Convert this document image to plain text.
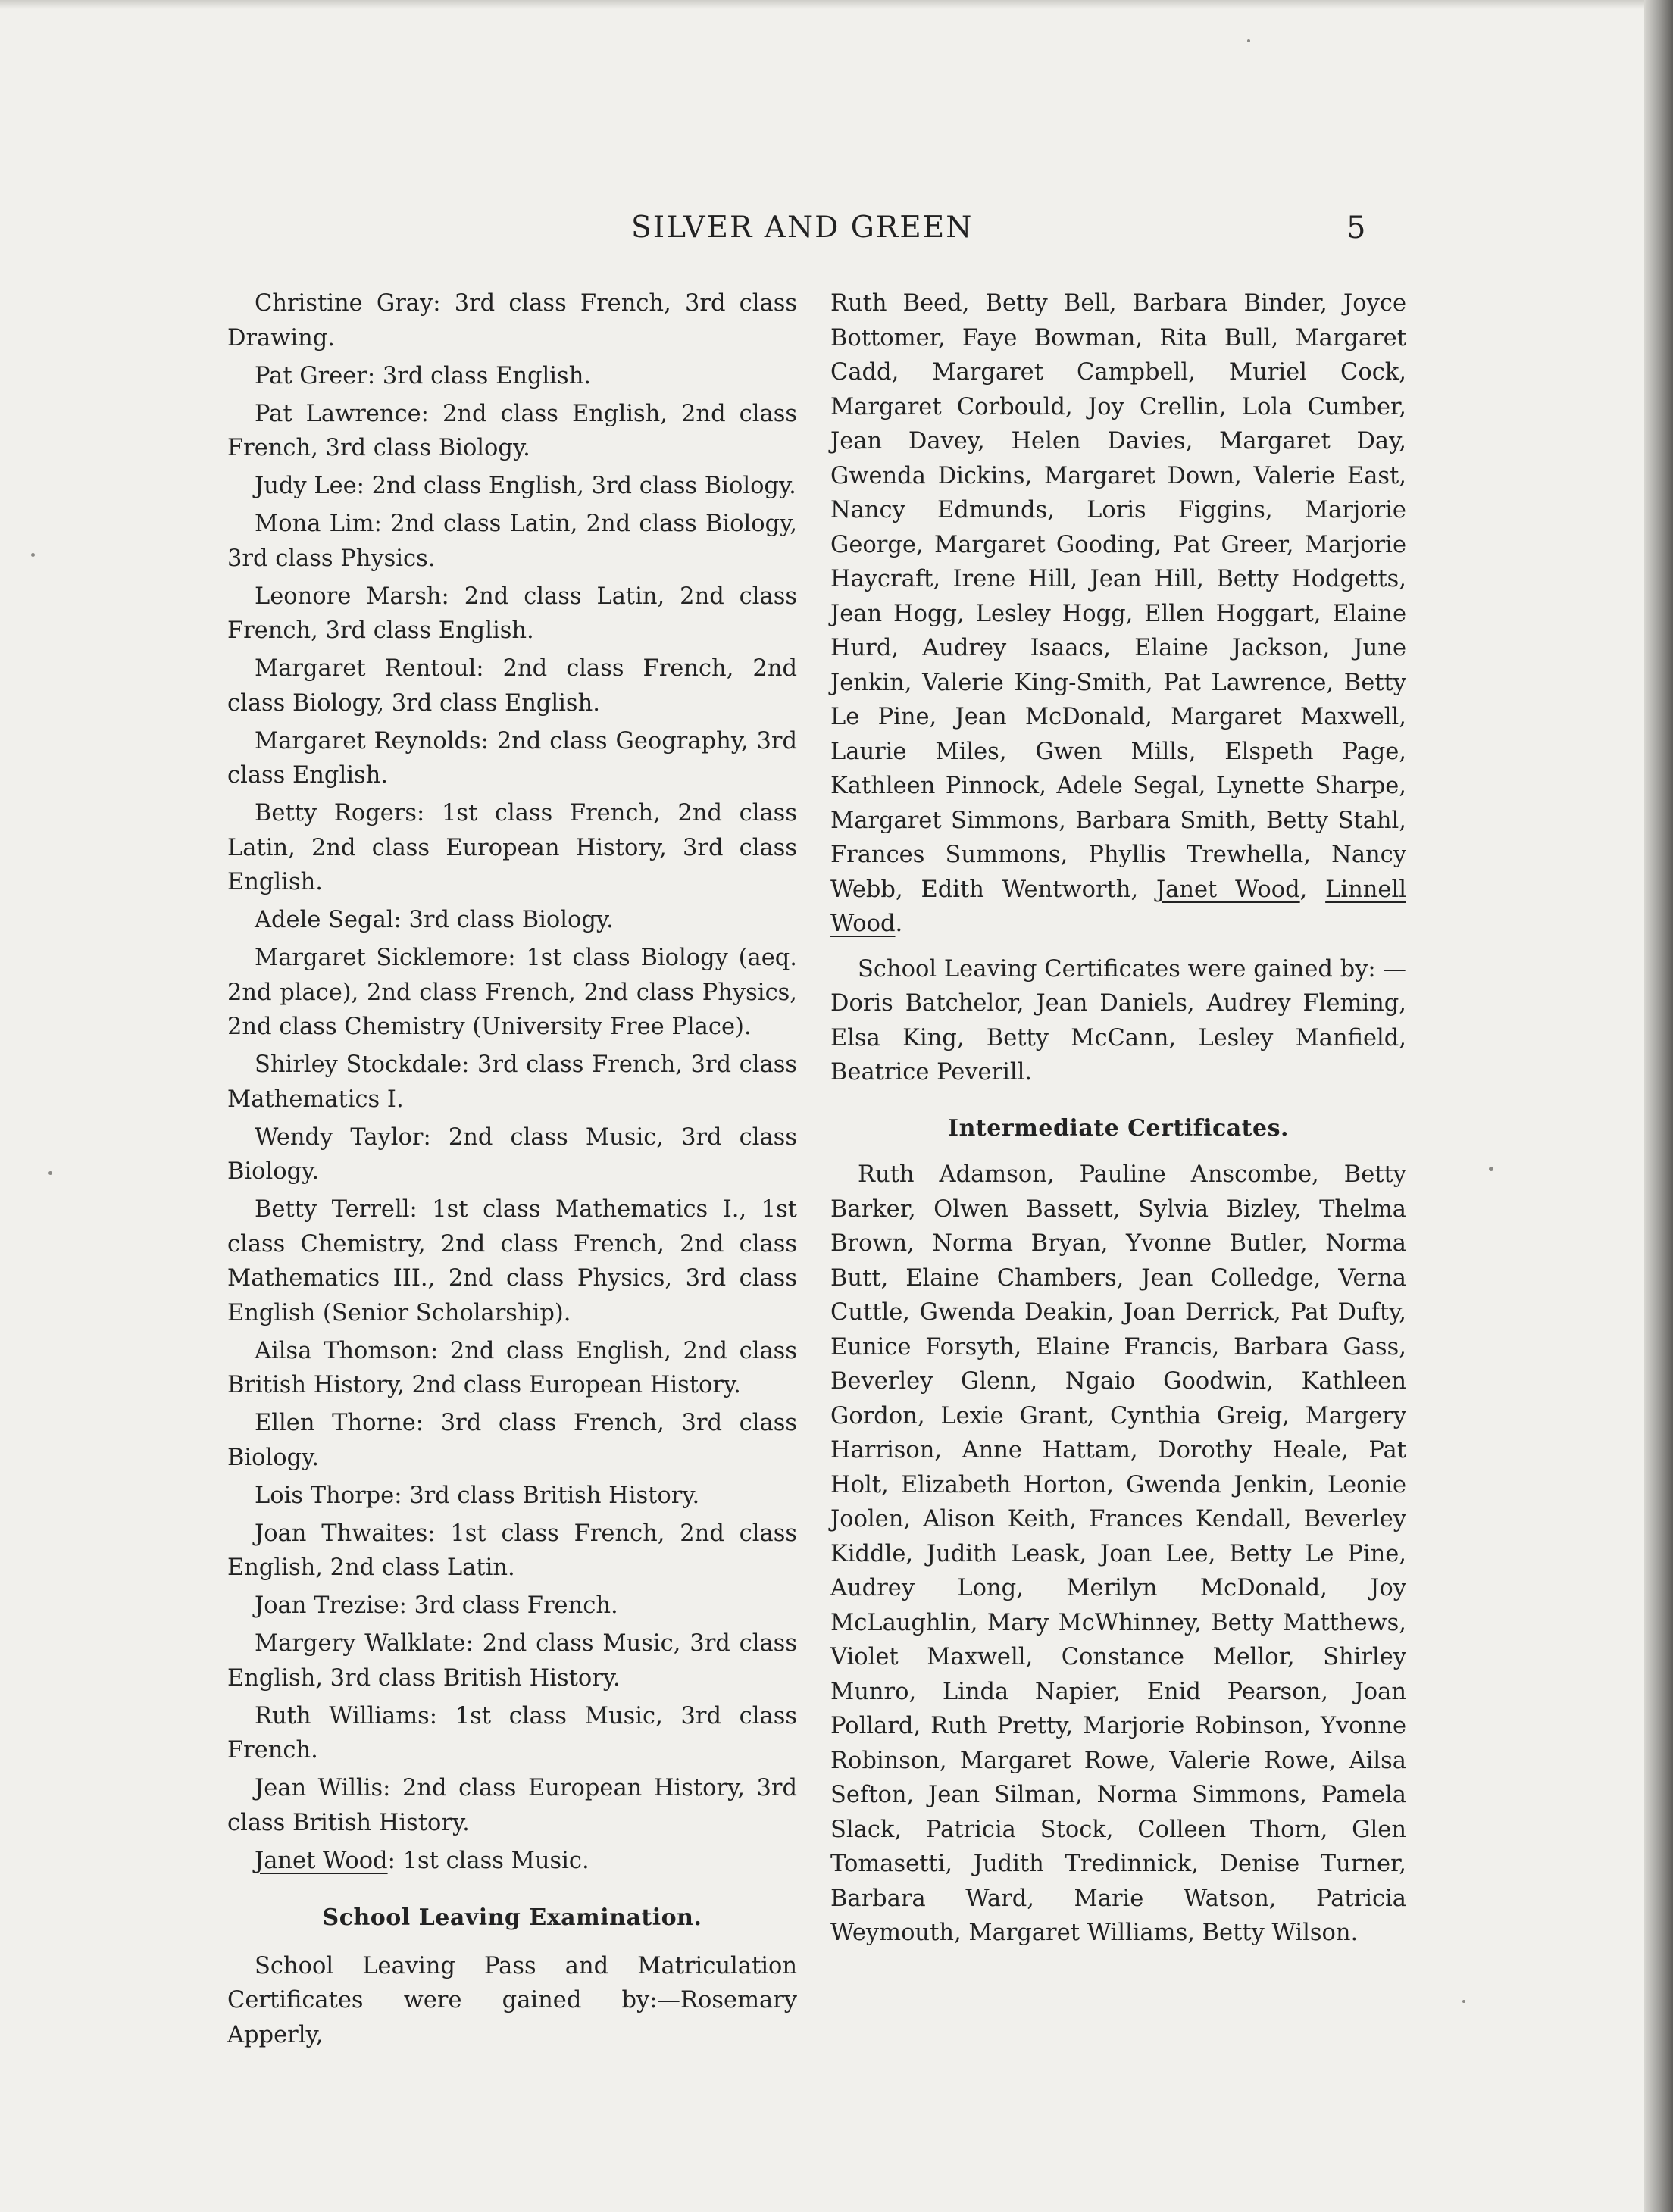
SILVER AND GREEN	5

Christine Gray: 3rd class French, 3rd class Drawing.

Pat Greer: 3rd class English.

Pat Lawrence: 2nd class English, 2nd class French, 3rd class Biology.

Judy Lee: 2nd class English, 3rd class Biology.

Mona Lim: 2nd class Latin, 2nd class Biology, 3rd class Physics.

Leonore Marsh: 2nd class Latin, 2nd class French, 3rd class English.

Margaret Rentoul: 2nd class French, 2nd class Biology, 3rd class English.

Margaret Reynolds: 2nd class Geography, 3rd class English.

Betty Rogers: 1st class French, 2nd class Latin, 2nd class European History, 3rd class English.

Adele Segal: 3rd class Biology.

Margaret Sicklemore: 1st class Biology (aeq. 2nd place), 2nd class French, 2nd class Physics, 2nd class Chemistry (University Free Place).

Shirley Stockdale: 3rd class French, 3rd class Mathematics I.

Wendy Taylor: 2nd class Music, 3rd class Biology.

Betty Terrell: 1st class Mathematics I., 1st class Chemistry, 2nd class French, 2nd class Mathematics III., 2nd class Physics, 3rd class English (Senior Scholarship).

Ailsa Thomson: 2nd class English, 2nd class British History, 2nd class European History.

Ellen Thorne: 3rd class French, 3rd class Biology.

Lois Thorpe: 3rd class British History.

Joan Thwaites: 1st class French, 2nd class English, 2nd class Latin.

Joan Trezise: 3rd class French.

Margery Walklate: 2nd class Music, 3rd class English, 3rd class British History.

Ruth Williams: 1st class Music, 3rd class French.

Jean Willis: 2nd class European History, 3rd class British History.

Janet Wood: 1st class Music.

School Leaving Examination.

School Leaving Pass and Matriculation Certificates were gained by:—Rosemary Apperly,

Ruth Beed, Betty Bell, Barbara Binder, Joyce Bottomer, Faye Bowman, Rita Bull, Margaret Cadd, Margaret Campbell, Muriel Cock, Margaret Corbould, Joy Crellin, Lola Cumber, Jean Davey, Helen Davies, Margaret Day, Gwenda Dickins, Margaret Down, Valerie East, Nancy Edmunds, Loris Figgins, Marjorie George, Margaret Gooding, Pat Greer, Marjorie Haycraft, Irene Hill, Jean Hill, Betty Hodgetts, Jean Hogg, Lesley Hogg, Ellen Hoggart, Elaine Hurd, Audrey Isaacs, Elaine Jackson, June Jenkin, Valerie King-Smith, Pat Lawrence, Betty Le Pine, Jean McDonald, Margaret Maxwell, Laurie Miles, Gwen Mills, Elspeth Page, Kathleen Pinnock, Adele Segal, Lynette Sharpe, Margaret Simmons, Barbara Smith, Betty Stahl, Frances Summons, Phyllis Trewhella, Nancy Webb, Edith Wentworth, Janet Wood, Linnell Wood.

School Leaving Certificates were gained by: —Doris Batchelor, Jean Daniels, Audrey Fleming, Elsa King, Betty McCann, Lesley Manfield, Beatrice Peverill.

Intermediate Certificates.

Ruth Adamson, Pauline Anscombe, Betty Barker, Olwen Bassett, Sylvia Bizley, Thelma Brown, Norma Bryan, Yvonne Butler, Norma Butt, Elaine Chambers, Jean Colledge, Verna Cuttle, Gwenda Deakin, Joan Derrick, Pat Dufty, Eunice Forsyth, Elaine Francis, Barbara Gass, Beverley Glenn, Ngaio Goodwin, Kathleen Gordon, Lexie Grant, Cynthia Greig, Margery Harrison, Anne Hattam, Dorothy Heale, Pat Holt, Elizabeth Horton, Gwenda Jenkin, Leonie Joolen, Alison Keith, Frances Kendall, Beverley Kiddle, Judith Leask, Joan Lee, Betty Le Pine, Audrey Long, Merilyn McDonald, Joy McLaughlin, Mary McWhinney, Betty Matthews, Violet Maxwell, Constance Mellor, Shirley Munro, Linda Napier, Enid Pearson, Joan Pollard, Ruth Pretty, Marjorie Robinson, Yvonne Robinson, Margaret Rowe, Valerie Rowe, Ailsa Sefton, Jean Silman, Norma Simmons, Pamela Slack, Patricia Stock, Colleen Thorn, Glen Tomasetti, Judith Tredinnick, Denise Turner, Barbara Ward, Marie Watson, Patricia Weymouth, Margaret Williams, Betty Wilson.
